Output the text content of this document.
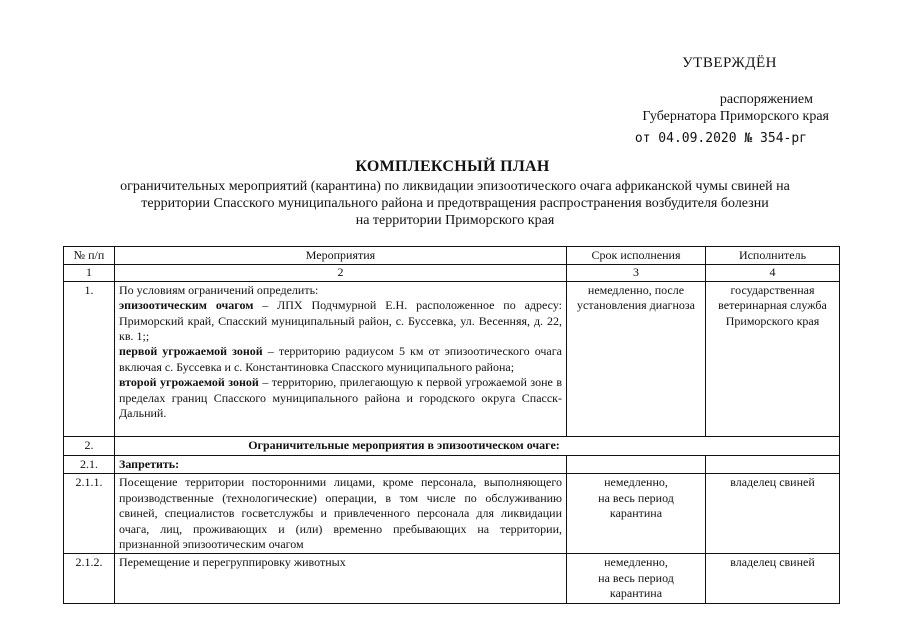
УТВЕРЖДЁН
распоряжением
Губернатора Приморского края
от 04.09.2020 № 354-рг
КОМПЛЕКСНЫЙ ПЛАН
ограничительных мероприятий (карантина) по ликвидации эпизоотического очага африканской чумы свиней на
территории Спасского муниципального района и предотвращения распространения возбудителя болезни
на территории Приморского края
№ п/п	Мероприятия	Срок исполнения	Исполнитель
1	2	3	4
1.	По условиям ограничений определить:
эпизоотическим очагом – ЛПХ Подчмурной Е.Н. расположенное по адресу: Приморский край, Спасский муниципальный район, с. Буссевка, ул. Весенняя, д. 22, кв. 1;;
первой угрожаемой зоной – территорию радиусом 5 км от эпизоотического очага включая с. Буссевка и с. Константиновка Спасского муниципального района;
второй угрожаемой зоной – территорию, прилегающую к первой угрожаемой зоне в пределах границ Спасского муниципального района и городского округа Спасск-Дальний.	немедленно, после установления диагноза	государственная ветеринарная служба Приморского края
2.	Ограничительные мероприятия в эпизоотическом очаге:		
2.1.	Запретить:		
2.1.1.	Посещение территории посторонними лицами, кроме персонала, выполняющего производственные (технологические) операции, в том числе по обслуживанию свиней, специалистов госветслужбы и привлеченного персонала для ликвидации очага, лиц, проживающих и (или) временно пребывающих на территории, признанной эпизоотическим очагом	немедленно,
на весь период карантина	владелец свиней
2.1.2.	Перемещение и перегруппировку животных	немедленно,
на весь период карантина	владелец свиней
